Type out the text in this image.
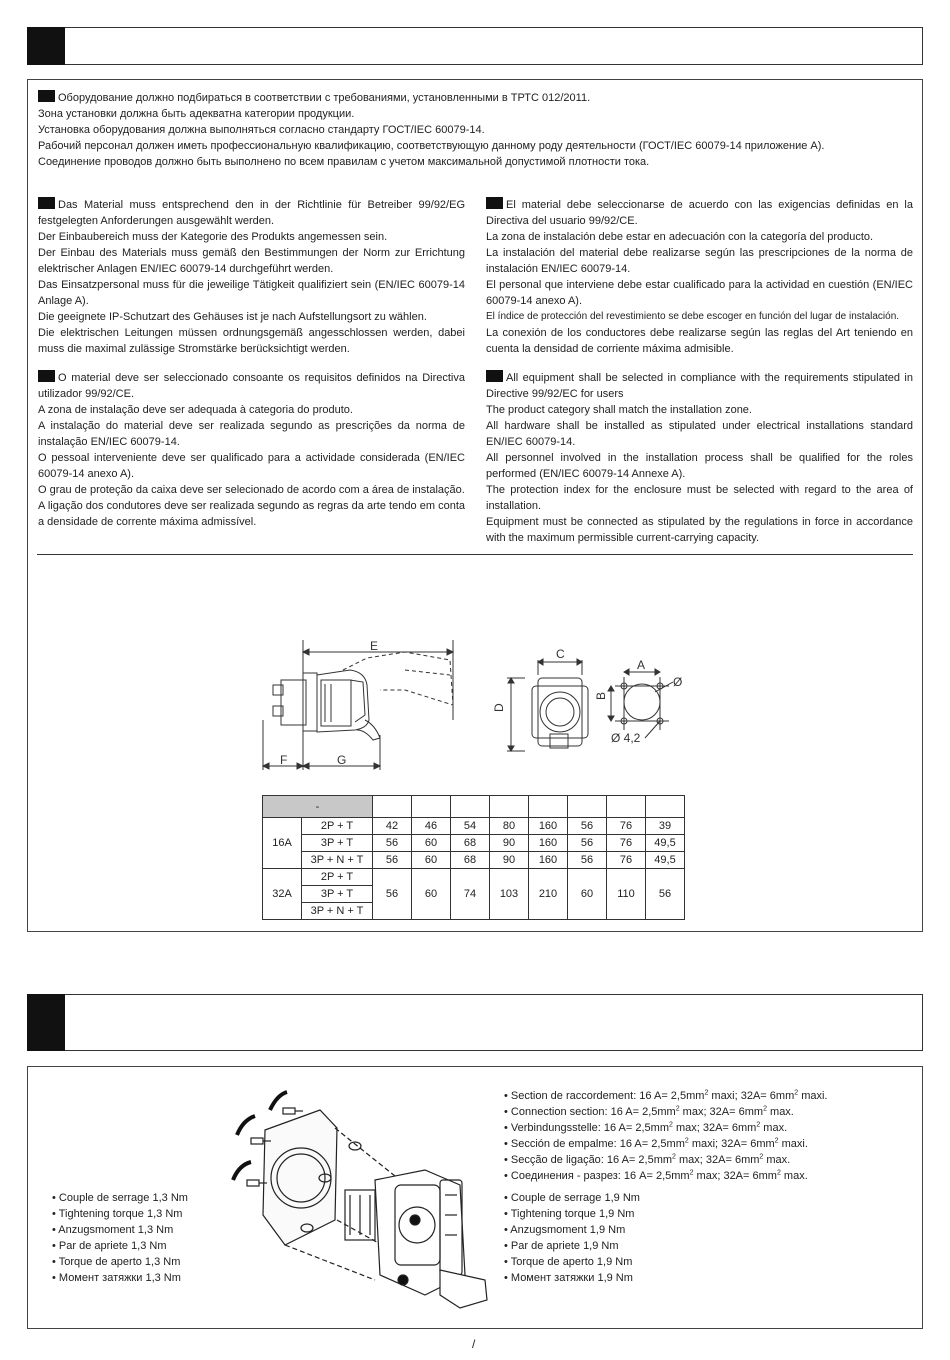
Оборудование должно подбираться в соответствии с требованиями, установленными в ТРТС 012/2011.

Зона установки должна быть адекватна категории продукции.

Установка оборудования должна выполняться согласно стандарту ГОСТ/IEC 60079-14.

Рабочий персонал должен иметь профессиональную квалификацию, соответствующую данному роду деятельности (ГОСТ/IEC 60079-14 приложение А).

Соединение проводов должно быть выполнено по всем правилам с учетом максимальной допустимой плотности тока.

Das Material muss entsprechend den in der Richtlinie für Betreiber 99/92/EG festgelegten Anforderungen ausgewählt werden.

Der Einbaubereich muss der Kategorie des Produkts angemessen sein.

Der Einbau des Materials muss gemäß den Bestimmungen der Norm zur Errichtung elektrischer Anlagen EN/IEC 60079-14 durchgeführt werden.

Das Einsatzpersonal muss für die jeweilige Tätigkeit qualifiziert sein (EN/IEC 60079-14 Anlage A).

Die geeignete IP-Schutzart des Gehäuses ist je nach Aufstellungsort zu wählen.

Die elektrischen Leitungen müssen ordnungsgemäß angesschlossen werden, dabei muss die maximal zulässige Stromstärke berücksichtigt werden.

El material debe seleccionarse de acuerdo con las exigencias definidas en la Directiva del usuario 99/92/CE.

La zona de instalación debe estar en adecuación con la categoría del producto.

La instalación del material debe realizarse según las prescripciones de la norma de instalación EN/IEC 60079-14.

El personal que interviene debe estar cualificado para la actividad en cuestión (EN/IEC 60079-14 anexo A).

El índice de protección del revestimiento se debe escoger en función del lugar de instalación.

La conexión de los conductores debe realizarse según las reglas del Art teniendo en cuenta la densidad de corriente máxima admisible.

O material deve ser seleccionado consoante os requisitos definidos na Directiva utilizador 99/92/CE.

A zona de instalação deve ser adequada à categoria do produto.

A instalação do material deve ser realizada segundo as prescrições da norma de instalação EN/IEC 60079-14.

O pessoal interveniente deve ser qualificado para a actividade considerada (EN/IEC 60079-14 anexo A).

O grau de proteção da caixa deve ser selecionado de acordo com a área de instalação.

A ligação dos condutores deve ser realizada segundo as regras da arte tendo em conta a densidade de corrente máxima admissível.

All equipment shall be selected in compliance with the requirements stipulated in Directive 99/92/EC for users

The product category shall match the installation zone.

All hardware shall be installed as stipulated under electrical installations standard EN/IEC 60079-14.

All personnel involved in the installation process shall be qualified for the roles performed (EN/IEC 60079-14 Annexe A).

The protection index for the enclosure must be selected with regard to the area of installation.

Equipment must be connected as stipulated by the regulations in force in accordance with the maximum permissible current-carrying capacity.

E
F	G
C
D
A
B
Ø
Ø 4,2
-									
16A	2P + T	42	46	54	80	160	56	76	39
	3P + T	56	60	68	90	160	56	76	49,5
	3P + N + T	56	60	68	90	160	56	76	49,5
32A	2P + T	56	60	74	103	210	60	110	56
	3P + T								
	3P + N + T								
• Couple de serrage 1,3 Nm
• Tightening torque 1,3 Nm
• Anzugsmoment 1,3 Nm
• Par de apriete 1,3 Nm
• Torque de aperto 1,3 Nm
• Момент затяжки 1,3 Nm
• Section de raccordement: 16 $A= 2,5mm^2$ maxi; $32A= 6mm^2$ maxi.
• Connection section: 16 $A= 2,5mm^2$ max; $32A= 6mm^2$ max.
• Verbindungsstelle: 16 $A= 2,5mm^2$ max; $32A= 6mm^2$ max.
• Sección de empalme: 16 $A= 2,5mm^2$ maxi; $32A= 6mm^2$ maxi.
• Secção de ligação: 16 $A= 2,5mm^2$ max; $32A= 6mm^2$ max.
• Соединения - разрез: 16 $A= 2,5mm^2$ max; $32A= 6mm^2$ max.
• Couple de serrage 1,9 Nm
• Tightening torque 1,9 Nm
• Anzugsmoment 1,9 Nm
• Par de apriete 1,9 Nm
• Torque de aperto 1,9 Nm
• Момент затяжки 1,9 Nm
/
